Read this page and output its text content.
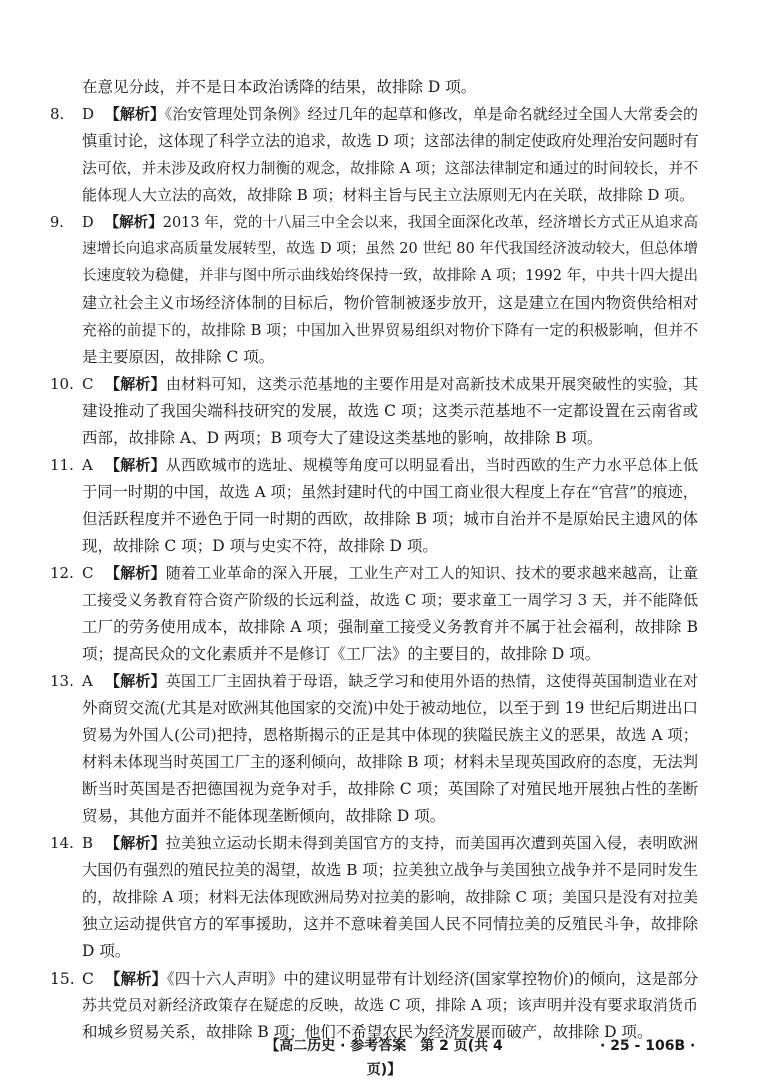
在意见分歧，并不是日本政治诱降的结果，故排除 D 项。
8. D 【解析】《治安管理处罚条例》经过几年的起草和修改，单是命名就经过全国人大常委会的
慎重讨论，这体现了科学立法的追求，故选 D 项；这部法律的制定使政府处理治安问题时有
法可依，并未涉及政府权力制衡的观念，故排除 A 项；这部法律制定和通过的时间较长，并不
能体现人大立法的高效，故排除 B 项；材料主旨与民主立法原则无内在关联，故排除 D 项。
9. D 【解析】2013 年，党的十八届三中全会以来，我国全面深化改革，经济增长方式正从追求高
速增长向追求高质量发展转型，故选 D 项；虽然 20 世纪 80 年代我国经济波动较大，但总体增
长速度较为稳健，并非与图中所示曲线始终保持一致，故排除 A 项；1992 年，中共十四大提出
建立社会主义市场经济体制的目标后，物价管制被逐步放开，这是建立在国内物资供给相对
充裕的前提下的，故排除 B 项；中国加入世界贸易组织对物价下降有一定的积极影响，但并不
是主要原因，故排除 C 项。
10. C 【解析】由材料可知，这类示范基地的主要作用是对高新技术成果开展突破性的实验，其
建设推动了我国尖端科技研究的发展，故选 C 项；这类示范基地不一定都设置在云南省或
西部，故排除 A、D 两项；B 项夸大了建设这类基地的影响，故排除 B 项。
11. A 【解析】从西欧城市的选址、规模等角度可以明显看出，当时西欧的生产力水平总体上低
于同一时期的中国，故选 A 项；虽然封建时代的中国工商业很大程度上存在“官营”的痕迹，
但活跃程度并不逊色于同一时期的西欧，故排除 B 项；城市自治并不是原始民主遗风的体
现，故排除 C 项；D 项与史实不符，故排除 D 项。
12. C 【解析】随着工业革命的深入开展，工业生产对工人的知识、技术的要求越来越高，让童
工接受义务教育符合资产阶级的长远利益，故选 C 项；要求童工一周学习 3 天，并不能降低
工厂的劳务使用成本，故排除 A 项；强制童工接受义务教育并不属于社会福利，故排除 B
项；提高民众的文化素质并不是修订《工厂法》的主要目的，故排除 D 项。
13. A 【解析】英国工厂主固执着于母语，缺乏学习和使用外语的热情，这使得英国制造业在对
外商贸交流(尤其是对欧洲其他国家的交流)中处于被动地位，以至于到 19 世纪后期进出口
贸易为外国人(公司)把持，恩格斯揭示的正是其中体现的狭隘民族主义的恶果，故选 A 项；
材料未体现当时英国工厂主的逐利倾向，故排除 B 项；材料未呈现英国政府的态度，无法判
断当时英国是否把德国视为竞争对手，故排除 C 项；英国除了对殖民地开展独占性的垄断
贸易，其他方面并不能体现垄断倾向，故排除 D 项。
14. B 【解析】拉美独立运动长期未得到美国官方的支持，而美国再次遭到英国入侵，表明欧洲
大国仍有强烈的殖民拉美的渴望，故选 B 项；拉美独立战争与美国独立战争并不是同时发生
的，故排除 A 项；材料无法体现欧洲局势对拉美的影响，故排除 C 项；美国只是没有对拉美
独立运动提供官方的军事援助，这并不意味着美国人民不同情拉美的反殖民斗争，故排除
D 项。
15. C 【解析】《四十六人声明》中的建议明显带有计划经济(国家掌控物价)的倾向，这是部分
苏共党员对新经济政策存在疑虑的反映，故选 C 项，排除 A 项；该声明并没有要求取消货币
和城乡贸易关系，故排除 B 项；他们不希望农民为经济发展而破产，故排除 D 项。
【高二历史 · 参考答案　第 2 页(共 4 页)】
· 25 - 106B ·
